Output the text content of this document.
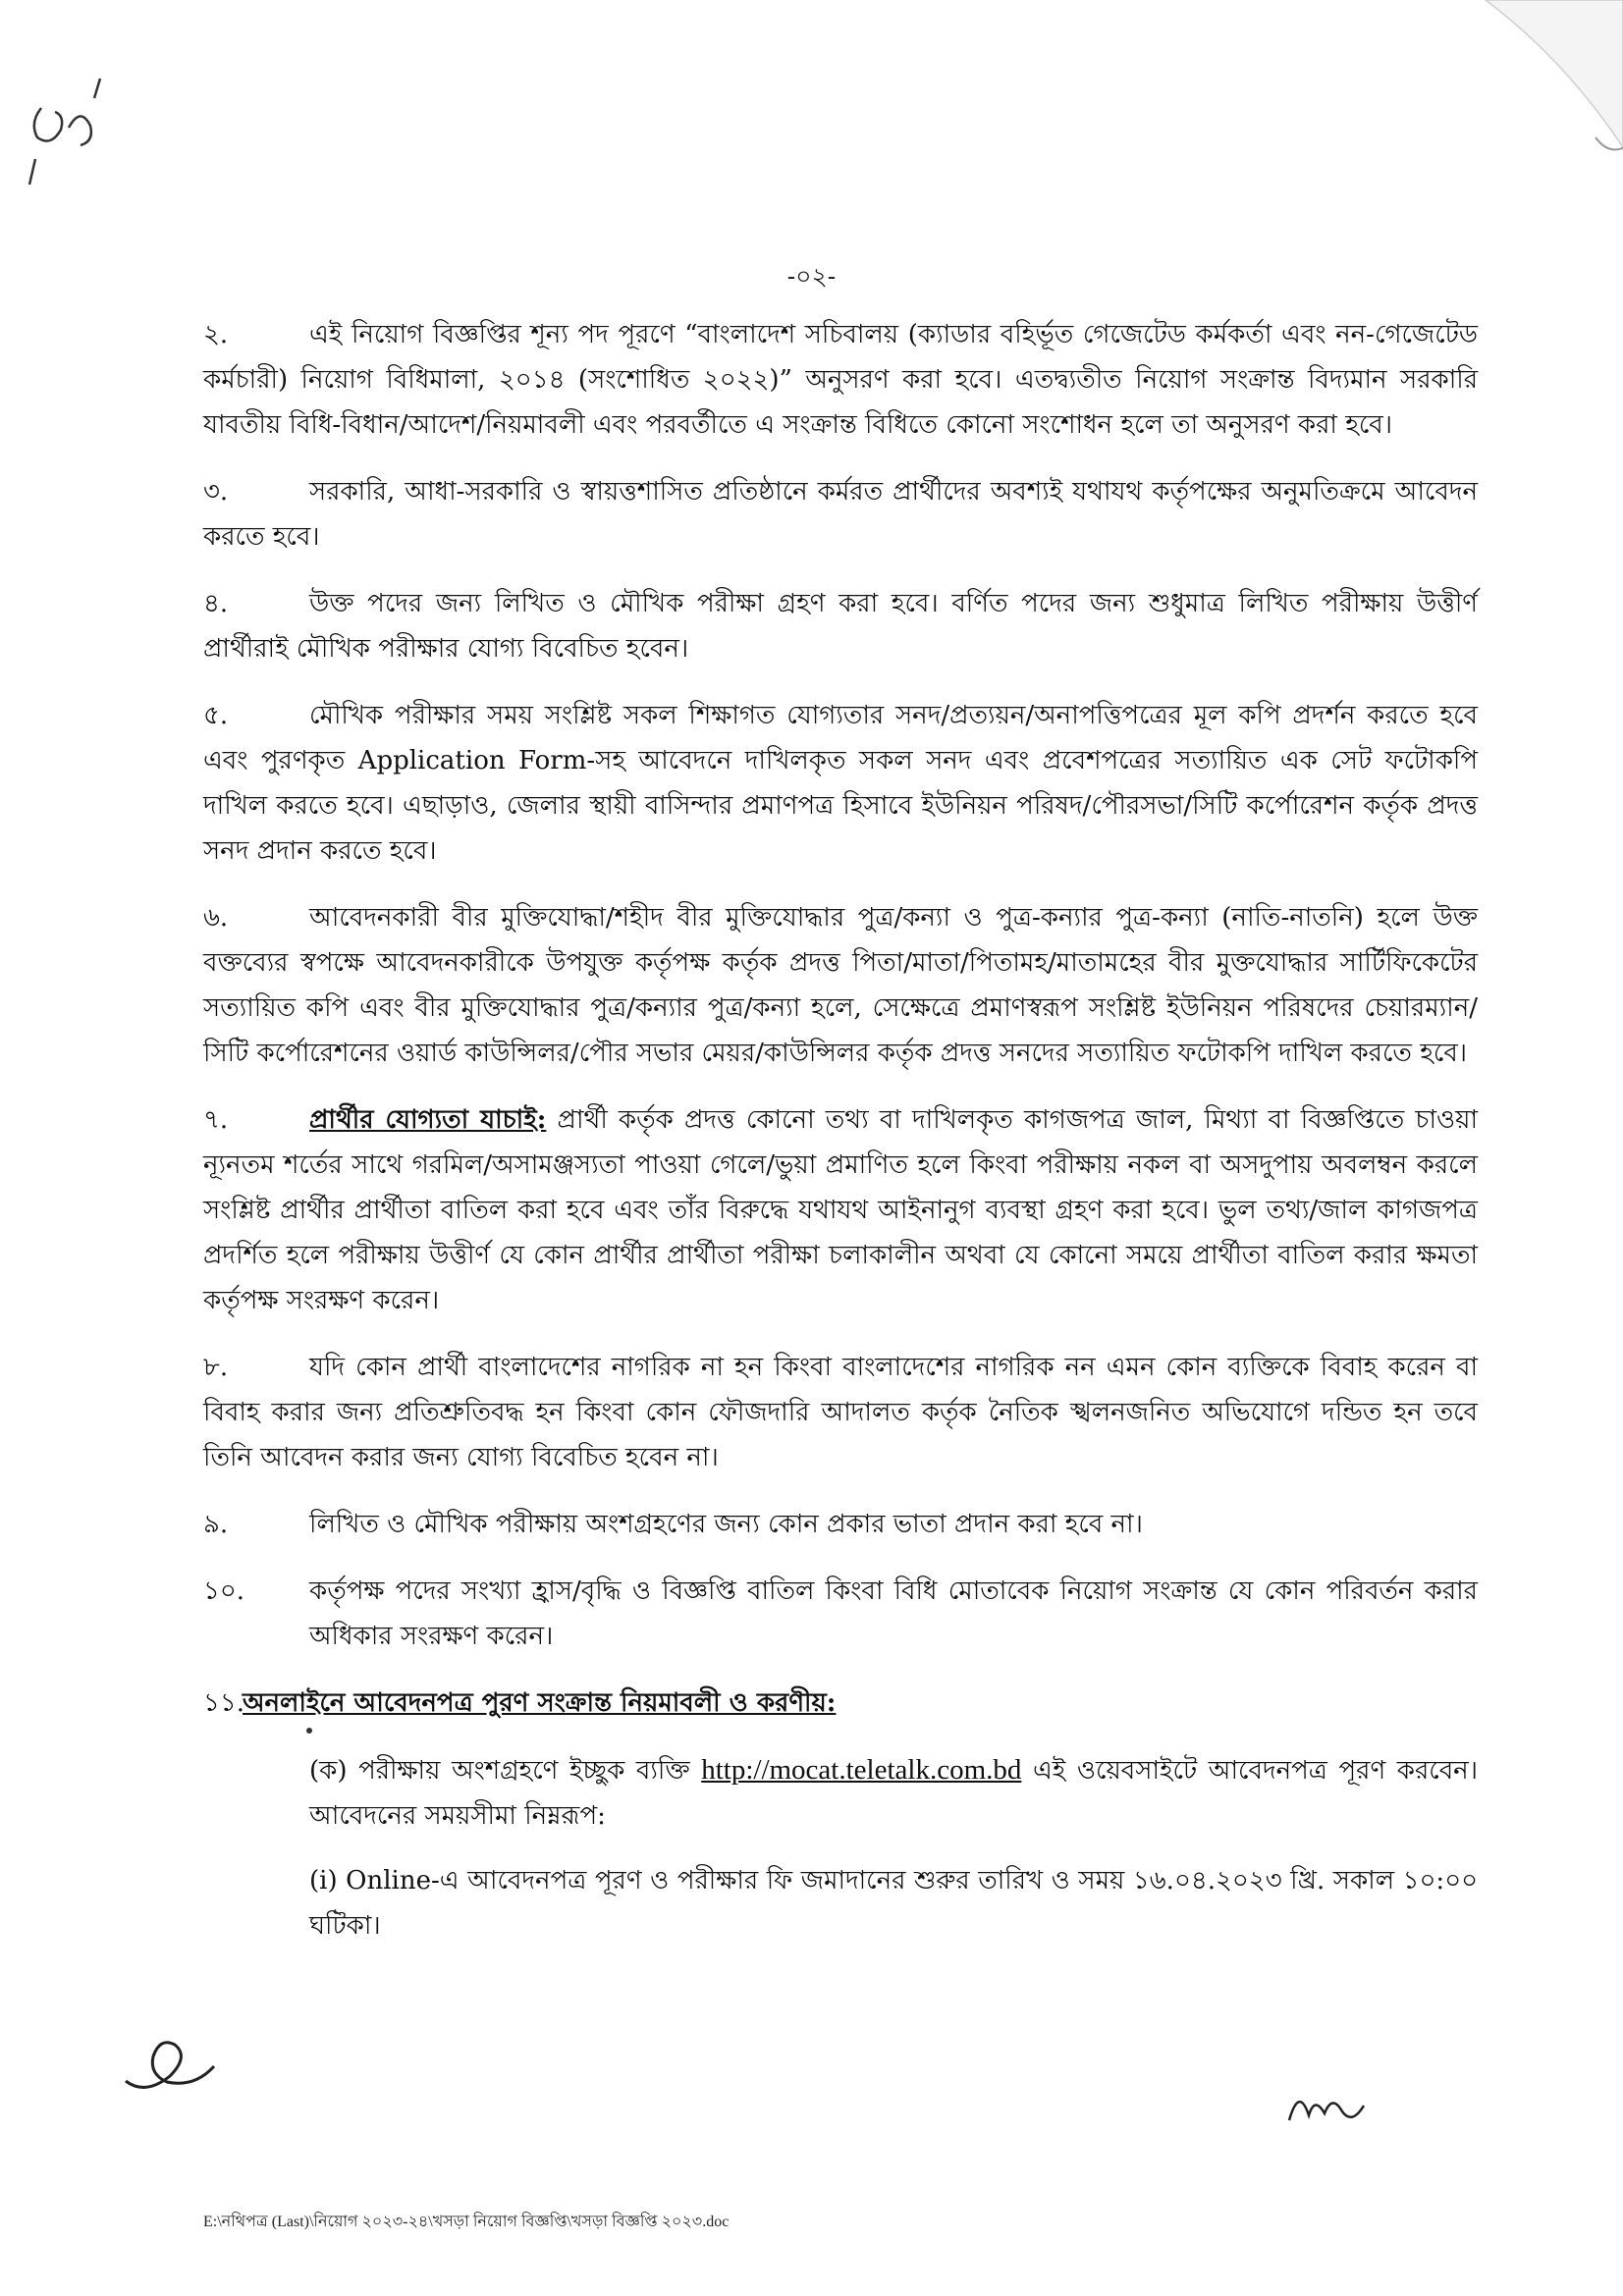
-০২-

২.	এই নিয়োগ বিজ্ঞপ্তির শূন্য পদ পূরণে “বাংলাদেশ সচিবালয় (ক্যাডার বহির্ভূত গেজেটেড কর্মকর্তা এবং নন-গেজেটেড কর্মচারী) নিয়োগ বিধিমালা, ২০১৪ (সংশোধিত ২০২২)” অনুসরণ করা হবে। এতদ্ব্যতীত নিয়োগ সংক্রান্ত বিদ্যমান সরকারি যাবতীয় বিধি-বিধান/আদেশ/নিয়মাবলী এবং পরবর্তীতে এ সংক্রান্ত বিধিতে কোনো সংশোধন হলে তা অনুসরণ করা হবে।

৩.	সরকারি, আধা-সরকারি ও স্বায়ত্তশাসিত প্রতিষ্ঠানে কর্মরত প্রার্থীদের অবশ্যই যথাযথ কর্তৃপক্ষের অনুমতিক্রমে আবেদন করতে হবে।

৪.	উক্ত পদের জন্য লিখিত ও মৌখিক পরীক্ষা গ্রহণ করা হবে। বর্ণিত পদের জন্য শুধুমাত্র লিখিত পরীক্ষায় উত্তীর্ণ প্রার্থীরাই মৌখিক পরীক্ষার যোগ্য বিবেচিত হবেন।

৫.	মৌখিক পরীক্ষার সময় সংশ্লিষ্ট সকল শিক্ষাগত যোগ্যতার সনদ/প্রত্যয়ন/অনাপত্তিপত্রের মূল কপি প্রদর্শন করতে হবে এবং পুরণকৃত Application Form-সহ আবেদনে দাখিলকৃত সকল সনদ এবং প্রবেশপত্রের সত্যায়িত এক সেট ফটোকপি দাখিল করতে হবে। এছাড়াও, জেলার স্থায়ী বাসিন্দার প্রমাণপত্র হিসাবে ইউনিয়ন পরিষদ/পৌরসভা/সিটি কর্পোরেশন কর্তৃক প্রদত্ত সনদ প্রদান করতে হবে।

৬.	আবেদনকারী বীর মুক্তিযোদ্ধা/শহীদ বীর মুক্তিযোদ্ধার পুত্র/কন্যা ও পুত্র-কন্যার পুত্র-কন্যা (নাতি-নাতনি) হলে উক্ত বক্তব্যের স্বপক্ষে আবেদনকারীকে উপযুক্ত কর্তৃপক্ষ কর্তৃক প্রদত্ত পিতা/মাতা/পিতামহ/মাতামহের বীর মুক্তযোদ্ধার সার্টিফিকেটের সত্যায়িত কপি এবং বীর মুক্তিযোদ্ধার পুত্র/কন্যার পুত্র/কন্যা হলে, সেক্ষেত্রে প্রমাণস্বরূপ সংশ্লিষ্ট ইউনিয়ন পরিষদের চেয়ারম্যান/সিটি কর্পোরেশনের ওয়ার্ড কাউন্সিলর/পৌর সভার মেয়র/কাউন্সিলর কর্তৃক প্রদত্ত সনদের সত্যায়িত ফটোকপি দাখিল করতে হবে।

৭.	প্রার্থীর যোগ্যতা যাচাই: প্রার্থী কর্তৃক প্রদত্ত কোনো তথ্য বা দাখিলকৃত কাগজপত্র জাল, মিথ্যা বা বিজ্ঞপ্তিতে চাওয়া ন্যূনতম শর্তের সাথে গরমিল/অসামঞ্জস্যতা পাওয়া গেলে/ভুয়া প্রমাণিত হলে কিংবা পরীক্ষায় নকল বা অসদুপায় অবলম্বন করলে সংশ্লিষ্ট প্রার্থীর প্রার্থীতা বাতিল করা হবে এবং তাঁর বিরুদ্ধে যথাযথ আইনানুগ ব্যবস্থা গ্রহণ করা হবে। ভুল তথ্য/জাল কাগজপত্র প্রদর্শিত হলে পরীক্ষায় উত্তীর্ণ যে কোন প্রার্থীর প্রার্থীতা পরীক্ষা চলাকালীন অথবা যে কোনো সময়ে প্রার্থীতা বাতিল করার ক্ষমতা কর্তৃপক্ষ সংরক্ষণ করেন।

৮.	যদি কোন প্রার্থী বাংলাদেশের নাগরিক না হন কিংবা বাংলাদেশের নাগরিক নন এমন কোন ব্যক্তিকে বিবাহ করেন বা বিবাহ করার জন্য প্রতিশ্রুতিবদ্ধ হন কিংবা কোন ফৌজদারি আদালত কর্তৃক নৈতিক স্খলনজনিত অভিযোগে দন্ডিত হন তবে তিনি আবেদন করার জন্য যোগ্য বিবেচিত হবেন না।

৯.	লিখিত ও মৌখিক পরীক্ষায় অংশগ্রহণের জন্য কোন প্রকার ভাতা প্রদান করা হবে না।

১০.	কর্তৃপক্ষ পদের সংখ্যা হ্রাস/বৃদ্ধি ও বিজ্ঞপ্তি বাতিল কিংবা বিধি মোতাবেক নিয়োগ সংক্রান্ত যে কোন পরিবর্তন করার অধিকার সংরক্ষণ করেন।

১১.অনলাইনে আবেদনপত্র পুরণ সংক্রান্ত নিয়মাবলী ও করণীয়:

(ক) পরীক্ষায় অংশগ্রহণে ইচ্ছুক ব্যক্তি http://mocat.teletalk.com.bd এই ওয়েবসাইটে আবেদনপত্র পূরণ করবেন। আবেদনের সময়সীমা নিম্নরূপ:

(i) Online-এ আবেদনপত্র পূরণ ও পরীক্ষার ফি জমাদানের শুরুর তারিখ ও সময় ১৬.০৪.২০২৩ খ্রি. সকাল ১০:০০ ঘটিকা।

E:\নথিপত্র (Last)\নিয়োগ ২০২৩-২৪\খসড়া নিয়োগ বিজ্ঞপ্তি\খসড়া বিজ্ঞপ্তি ২০২৩.doc
